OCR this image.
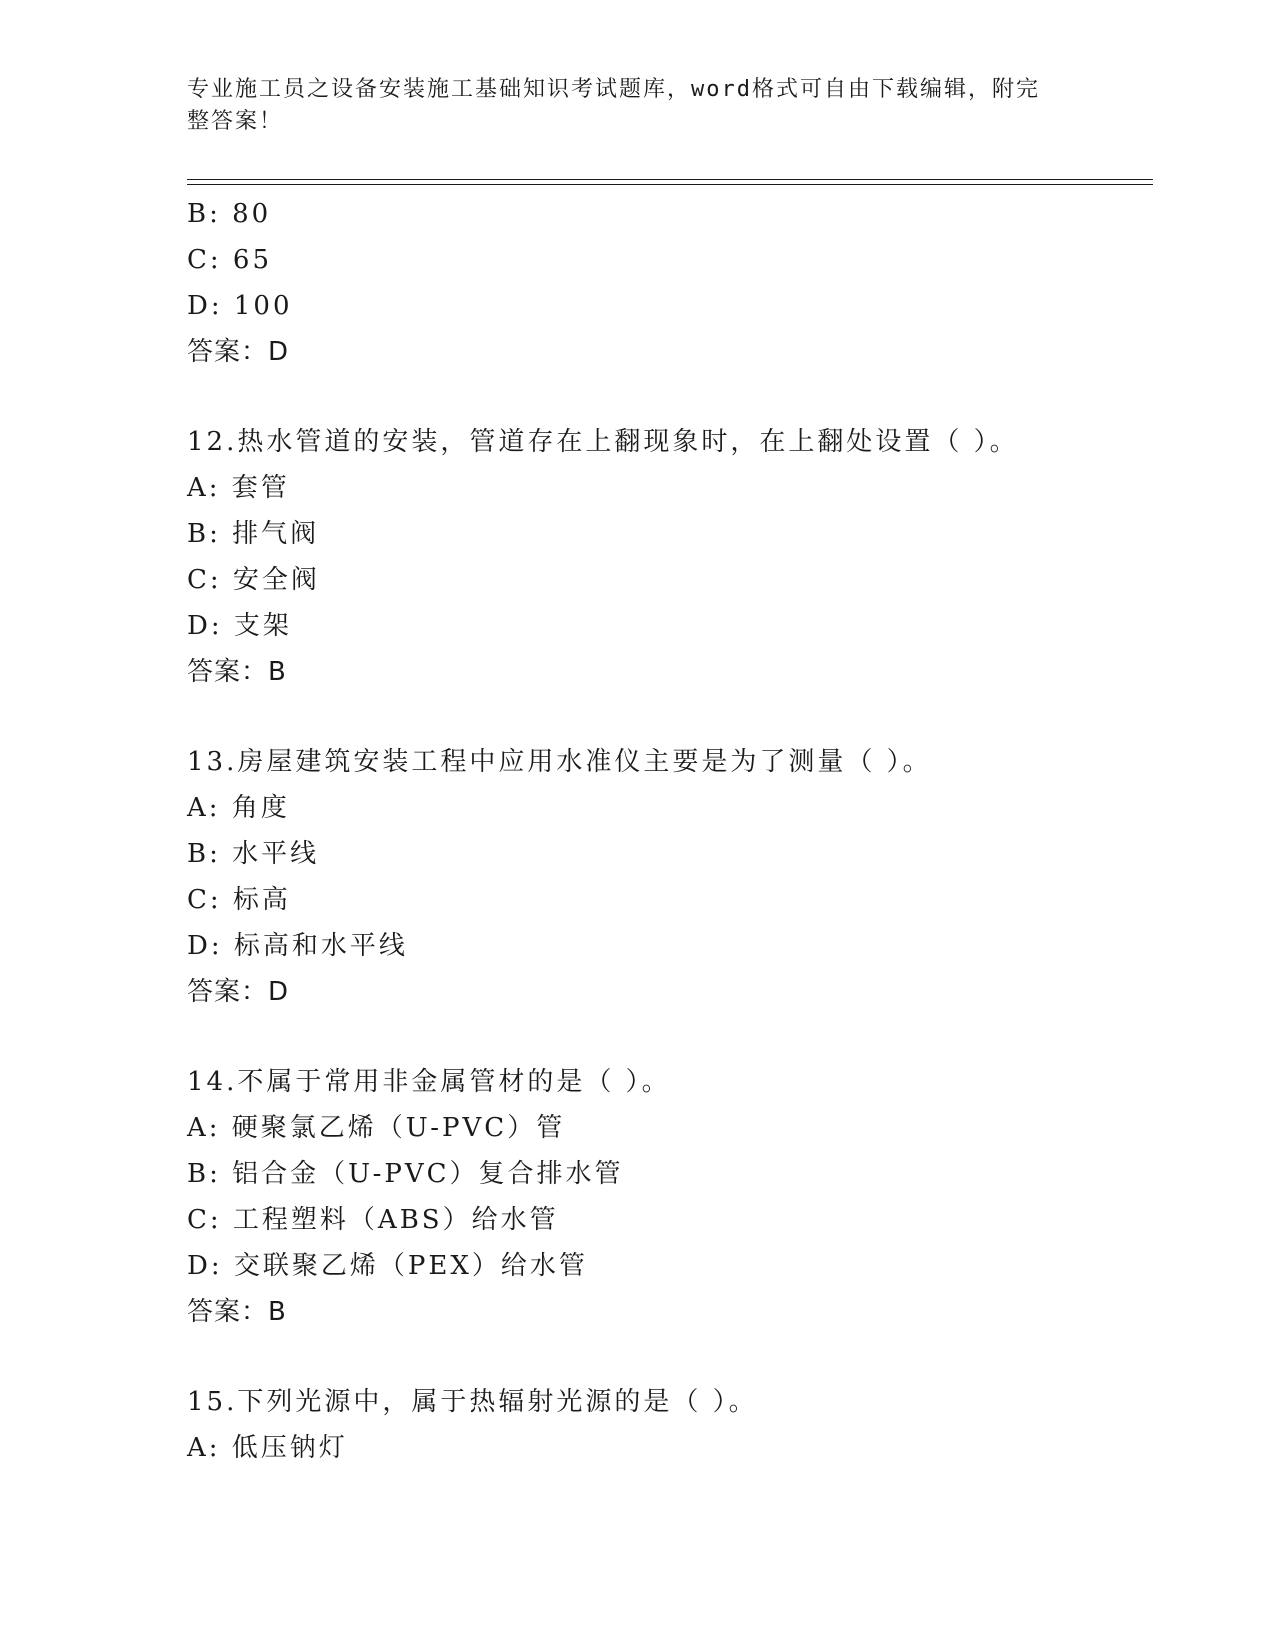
专业施工员之设备安装施工基础知识考试题库，word格式可自由下载编辑，附完
整答案！
B: 80
C: 65
D: 100
答案：D
12.热水管道的安装，管道存在上翻现象时，在上翻处设置（ ）。
A: 套管
B: 排气阀
C: 安全阀
D: 支架
答案：B
13.房屋建筑安装工程中应用水准仪主要是为了测量（ ）。
A: 角度
B: 水平线
C: 标高
D: 标高和水平线
答案：D
14.不属于常用非金属管材的是（ ）。
A: 硬聚氯乙烯（U-PVC）管
B: 铝合金（U-PVC）复合排水管
C: 工程塑料（ABS）给水管
D: 交联聚乙烯（PEX）给水管
答案：B
15.下列光源中，属于热辐射光源的是（ ）。
A: 低压钠灯
